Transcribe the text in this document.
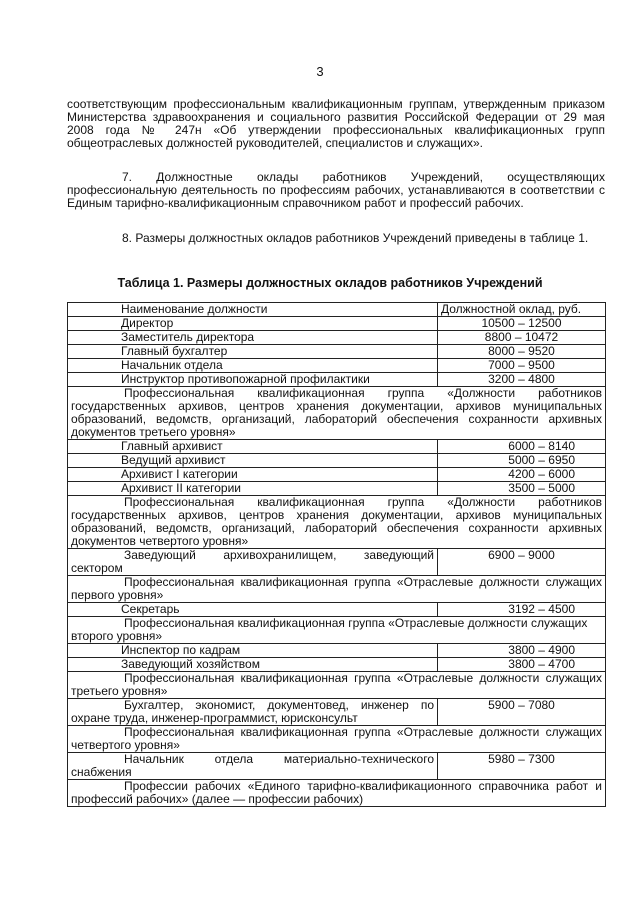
3
соответствующим профессиональным квалификационным группам, утвержденным приказом Министерства здравоохранения и социального развития Российской Федерации от 29 мая 2008 года № 247н «Об утверждении профессиональных квалификационных групп общеотраслевых должностей руководителей, специалистов и служащих».
7. Должностные оклады работников Учреждений, осуществляющих профессиональную деятельность по профессиям рабочих, устанавливаются в соответствии с Единым тарифно-квалификационным справочником работ и профессий рабочих.
8. Размеры должностных окладов работников Учреждений приведены в таблице 1.
Таблица 1. Размеры должностных окладов работников Учреждений
Наименование должности	Должностной оклад, руб.
Директор	10500 – 12500
Заместитель директора	8800 – 10472
Главный бухгалтер	8000 – 9520
Начальник отдела	7000 – 9500
Инструктор противопожарной профилактики	3200 – 4800
Профессиональная квалификационная группа «Должности работников государственных архивов, центров хранения документации, архивов муниципальных образований, ведомств, организаций, лабораторий обеспечения сохранности архивных документов третьего уровня»	
Главный архивист	6000 – 8140
Ведущий архивист	5000 – 6950
Архивист I категории	4200 – 6000
Архивист II категории	3500 – 5000
Профессиональная квалификационная группа «Должности работников государственных архивов, центров хранения документации, архивов муниципальных образований, ведомств, организаций, лабораторий обеспечения сохранности архивных документов четвертого уровня»	
Заведующий архивохранилищем, заведующий сектором	6900 – 9000
Профессиональная квалификационная группа «Отраслевые должности служащих первого уровня»	
Секретарь	3192 – 4500
Профессиональная квалификационная группа «Отраслевые должности служащих второго уровня»	
Инспектор по кадрам	3800 – 4900
Заведующий хозяйством	3800 – 4700
Профессиональная квалификационная группа «Отраслевые должности служащих третьего уровня»	
Бухгалтер, экономист, документовед, инженер по охране труда, инженер-программист, юрисконсульт	5900 – 7080
Профессиональная квалификационная группа «Отраслевые должности служащих четвертого уровня»	
Начальник отдела материально-технического снабжения	5980 – 7300
Профессии рабочих «Единого тарифно-квалификационного справочника работ и профессий рабочих» (далее — профессии рабочих)	
